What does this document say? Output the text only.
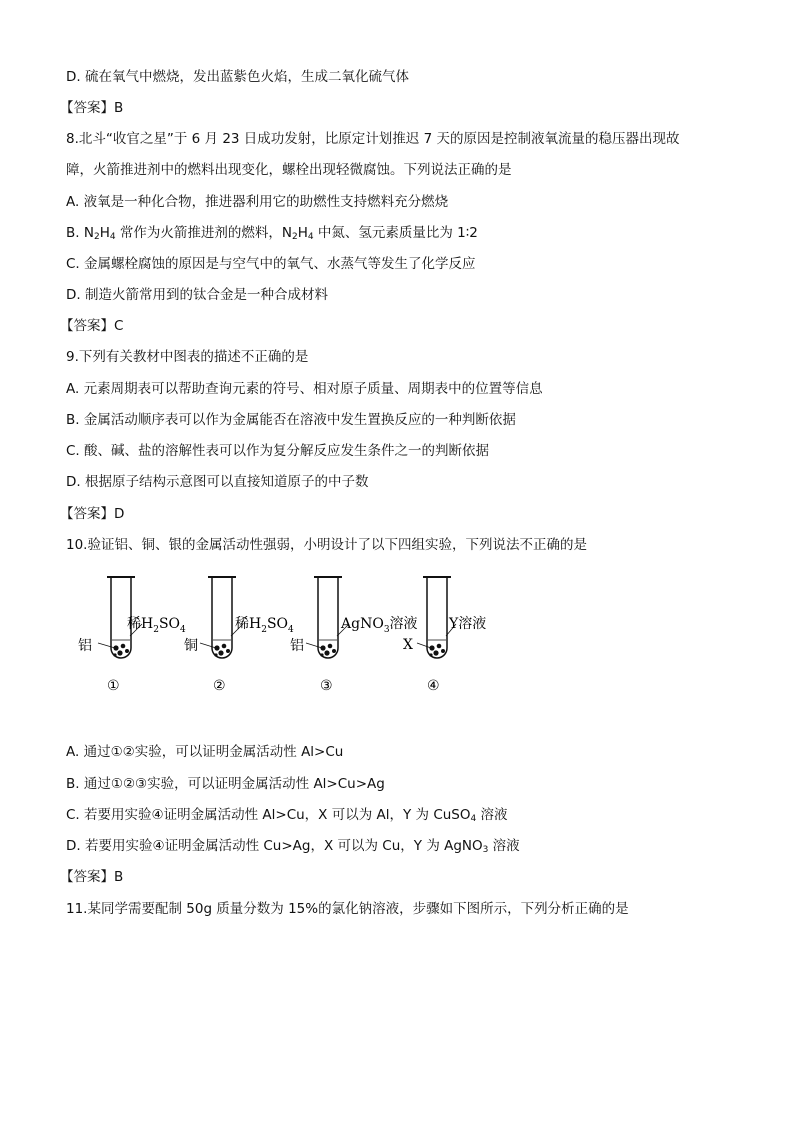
D. 硫在氧气中燃烧，发出蓝紫色火焰，生成二氧化硫气体
【答案】B
8.北斗“收官之星”于 6 月 23 日成功发射，比原定计划推迟 7 天的原因是控制液氧流量的稳压器出现故
障，火箭推进剂中的燃料出现变化，螺栓出现轻微腐蚀。下列说法正确的是
A. 液氧是一种化合物，推进器利用它的助燃性支持燃料充分燃烧
B. $N_2H_4$ 常作为火箭推进剂的燃料，$N_2H_4$ 中氮、氢元素质量比为 1∶2
C. 金属螺栓腐蚀的原因是与空气中的氧气、水蒸气等发生了化学反应
D. 制造火箭常用到的钛合金是一种合成材料
【答案】C
9.下列有关教材中图表的描述不正确的是
A. 元素周期表可以帮助查询元素的符号、相对原子质量、周期表中的位置等信息
B. 金属活动顺序表可以作为金属能否在溶液中发生置换反应的一种判断依据
C. 酸、碱、盐的溶解性表可以作为复分解反应发生条件之一的判断依据
D. 根据原子结构示意图可以直接知道原子的中子数
【答案】D
10.验证铝、铜、银的金属活动性强弱，小明设计了以下四组实验，下列说法不正确的是
铝
稀$H_2SO_4$
①
铜
稀$H_2SO_4$
②
铝
AgNO$_3$溶液
③
X
Y溶液
④
A. 通过①②实验，可以证明金属活动性 Al>Cu
B. 通过①②③实验，可以证明金属活动性 Al>Cu>Ag
C. 若要用实验④证明金属活动性 Al>Cu，X 可以为 Al，Y 为 CuSO$_4$ 溶液
D. 若要用实验④证明金属活动性 Cu>Ag，X 可以为 Cu，Y 为 AgNO$_3$ 溶液
【答案】B
11.某同学需要配制 50g 质量分数为 15%的氯化钠溶液，步骤如下图所示，下列分析正确的是
